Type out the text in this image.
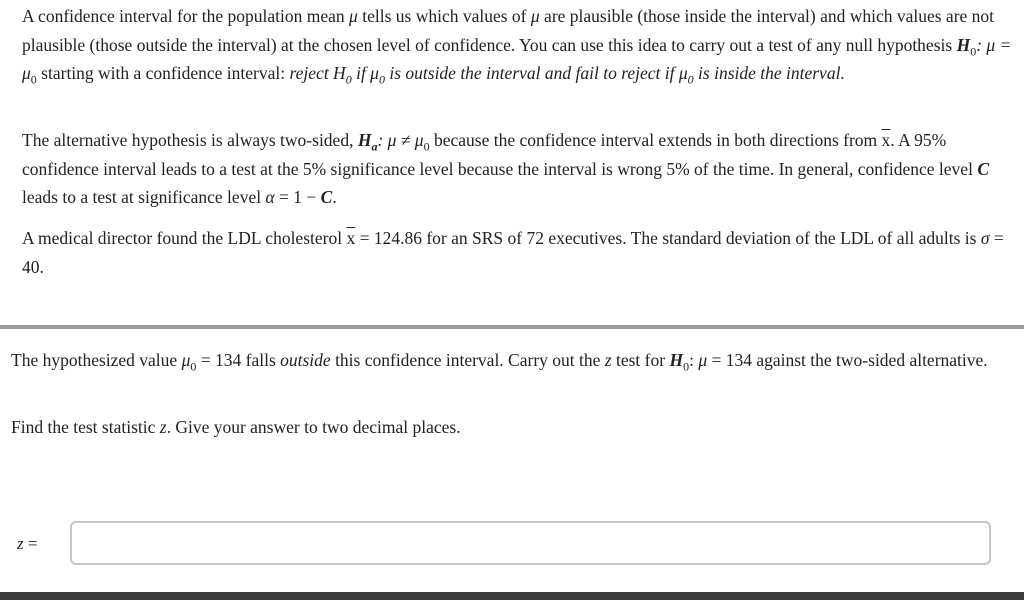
A confidence interval for the population mean μ tells us which values of μ are plausible (those inside the interval) and which values are not plausible (those outside the interval) at the chosen level of confidence. You can use this idea to carry out a test of any null hypothesis $H_0$: $\mu = \mu_0$ starting with a confidence interval: reject $H_0$ if $\mu_0$ is outside the interval and fail to reject if $\mu_0$ is inside the interval.

The alternative hypothesis is always two-sided, $H_a$: $\mu \ne \mu_0$ because the confidence interval extends in both directions from $\overline{x}$. A 95% confidence interval leads to a test at the 5% significance level because the interval is wrong 5% of the time. In general, confidence level C leads to a test at significance level α = 1 − C.

A medical director found the LDL cholesterol $\overline{x} = 124.86$ for an SRS of 72 executives. The standard deviation of the LDL of all adults is σ = 40.

The hypothesized value $\mu_0 = 134$ falls outside this confidence interval. Carry out the z test for $H_0$: μ = 134 against the two-sided alternative.

Find the test statistic z. Give your answer to two decimal places.

z =
